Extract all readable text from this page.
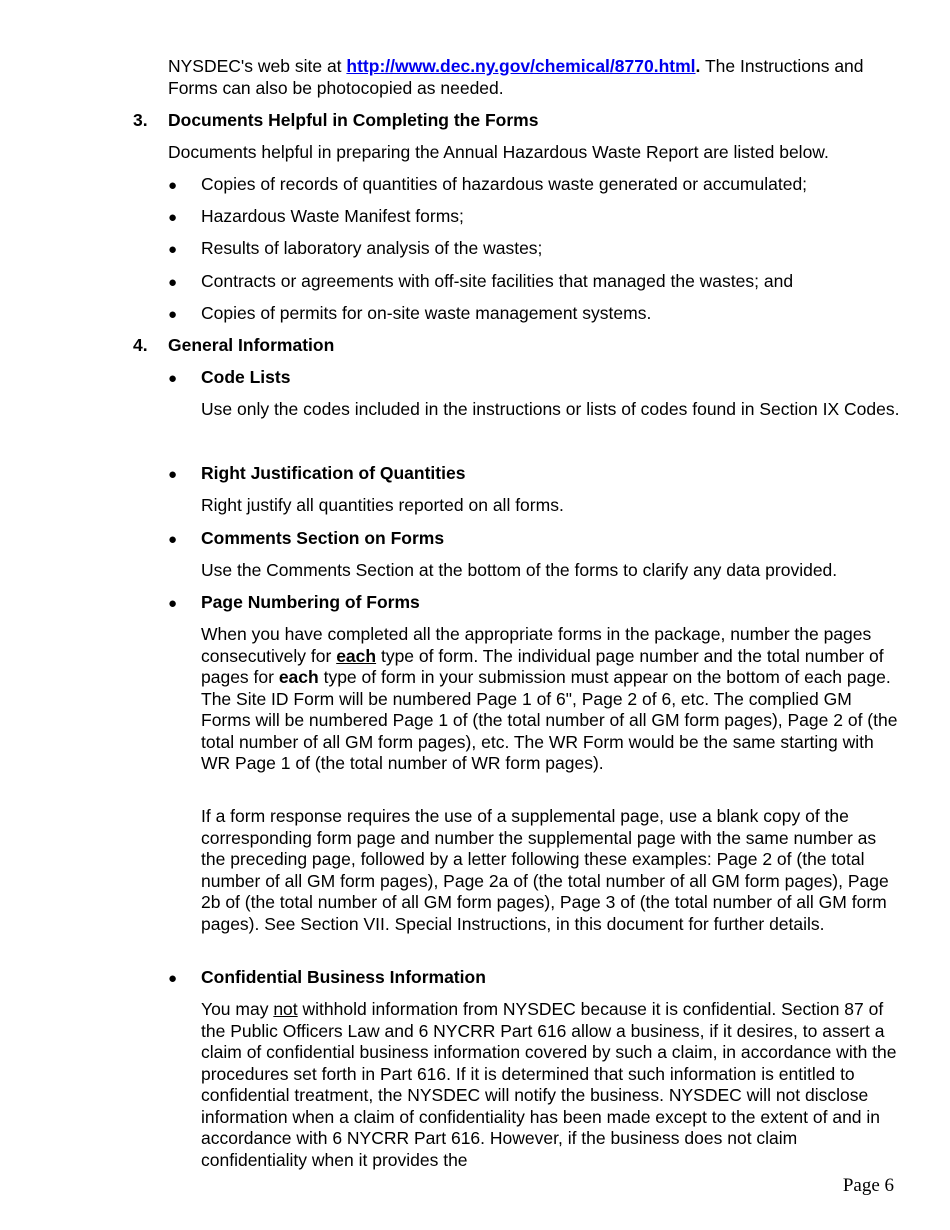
NYSDEC's web site at http://www.dec.ny.gov/chemical/8770.html. The Instructions and Forms can also be photocopied as needed.
3. Documents Helpful in Completing the Forms
Documents helpful in preparing the Annual Hazardous Waste Report are listed below.
● Copies of records of quantities of hazardous waste generated or accumulated;
● Hazardous Waste Manifest forms;
● Results of laboratory analysis of the wastes;
● Contracts or agreements with off-site facilities that managed the wastes; and
● Copies of permits for on-site waste management systems.
4. General Information
● Code Lists
Use only the codes included in the instructions or lists of codes found in Section IX Codes.
● Right Justification of Quantities
Right justify all quantities reported on all forms.
● Comments Section on Forms
Use the Comments Section at the bottom of the forms to clarify any data provided.
● Page Numbering of Forms
When you have completed all the appropriate forms in the package, number the pages consecutively for each type of form. The individual page number and the total number of pages for each type of form in your submission must appear on the bottom of each page. The Site ID Form will be numbered Page 1 of 6", Page 2 of 6, etc. The complied GM Forms will be numbered Page 1 of (the total number of all GM form pages), Page 2 of (the total number of all GM form pages), etc. The WR Form would be the same starting with WR Page 1 of (the total number of WR form pages).
If a form response requires the use of a supplemental page, use a blank copy of the corresponding form page and number the supplemental page with the same number as the preceding page, followed by a letter following these examples: Page 2 of (the total number of all GM form pages), Page 2a of (the total number of all GM form pages), Page 2b of (the total number of all GM form pages), Page 3 of (the total number of all GM form pages). See Section VII. Special Instructions, in this document for further details.
● Confidential Business Information
You may not withhold information from NYSDEC because it is confidential. Section 87 of the Public Officers Law and 6 NYCRR Part 616 allow a business, if it desires, to assert a claim of confidential business information covered by such a claim, in accordance with the procedures set forth in Part 616. If it is determined that such information is entitled to confidential treatment, the NYSDEC will notify the business. NYSDEC will not disclose information when a claim of confidentiality has been made except to the extent of and in accordance with 6 NYCRR Part 616. However, if the business does not claim confidentiality when it provides the
Page 6
